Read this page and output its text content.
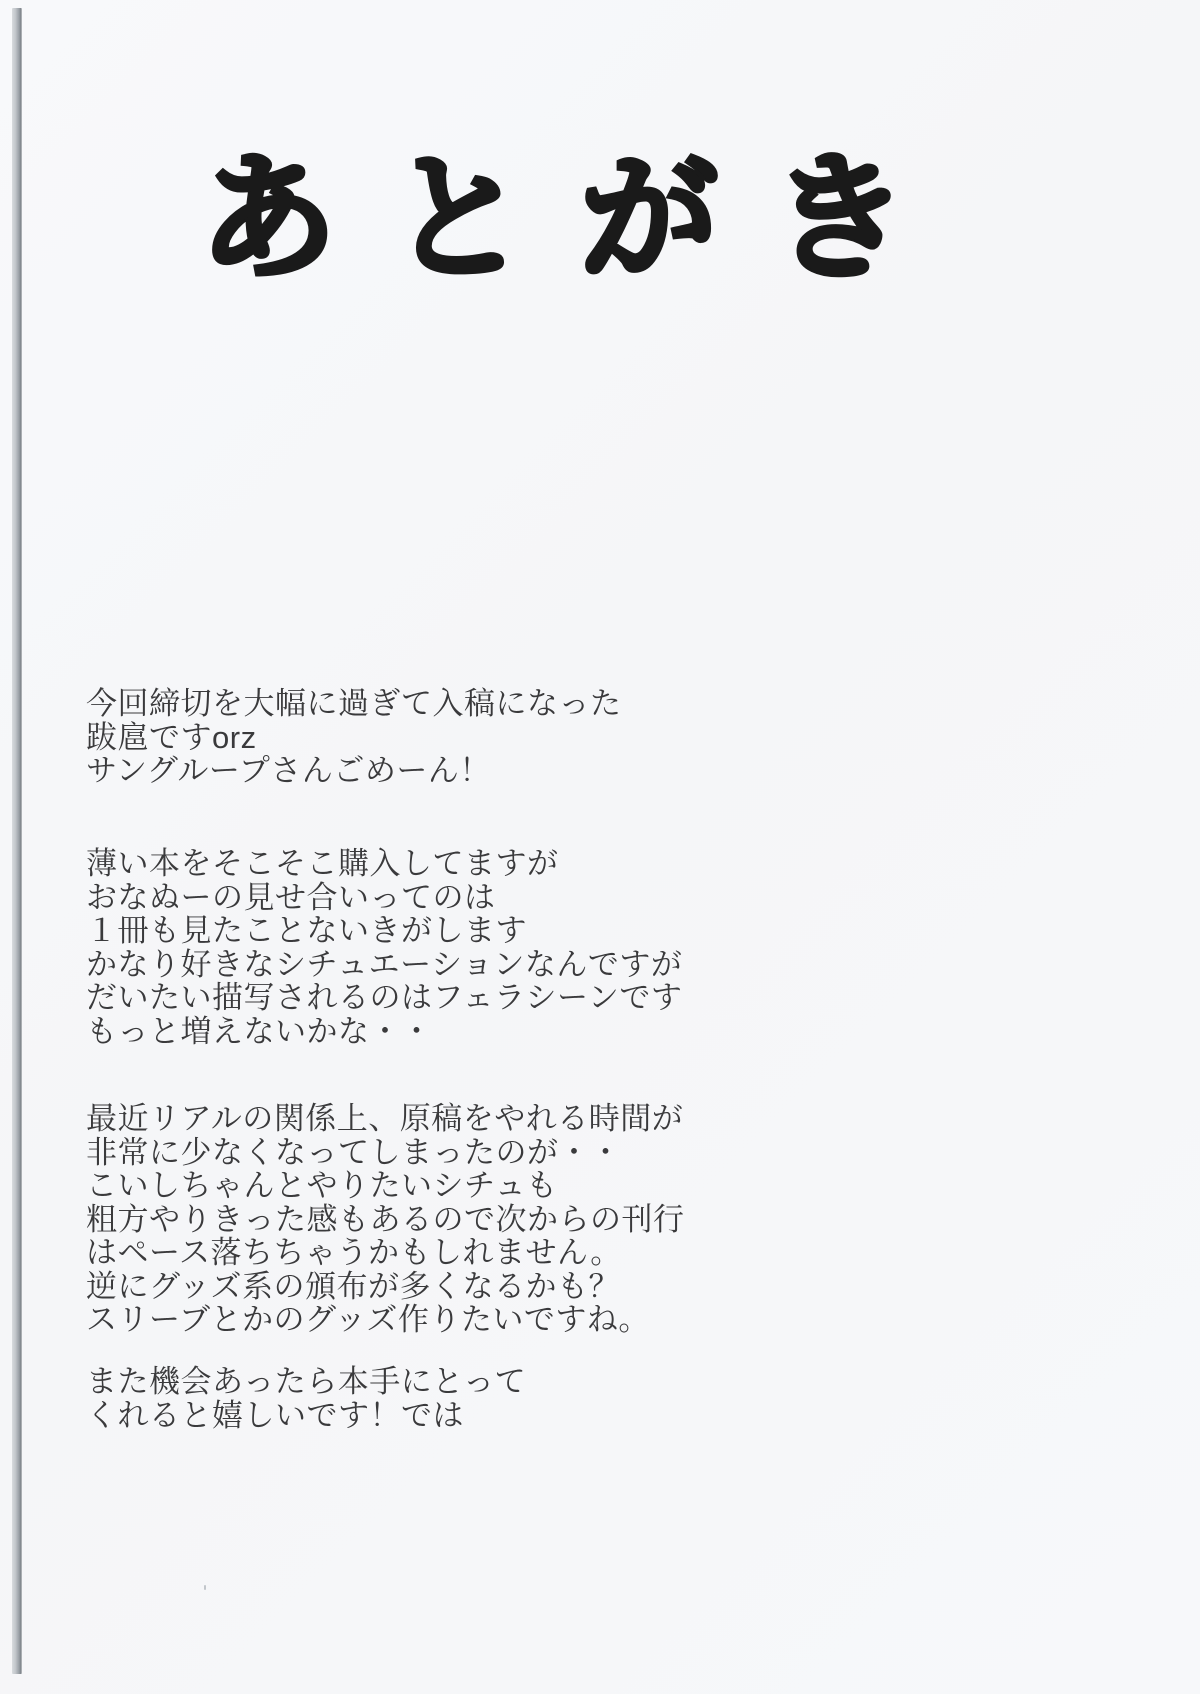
あとがき
今回締切を大幅に過ぎて入稿になった
跋扈ですorz
サングループさんごめーん！
薄い本をそこそこ購入してますが
おなぬーの見せ合いってのは
１冊も見たことないきがします
かなり好きなシチュエーションなんですが
だいたい描写されるのはフェラシーンです
もっと増えないかな・・
最近リアルの関係上、原稿をやれる時間が
非常に少なくなってしまったのが・・
こいしちゃんとやりたいシチュも
粗方やりきった感もあるので次からの刊行
はペース落ちちゃうかもしれません。
逆にグッズ系の頒布が多くなるかも？
スリーブとかのグッズ作りたいですね。
また機会あったら本手にとって
くれると嬉しいです！では
